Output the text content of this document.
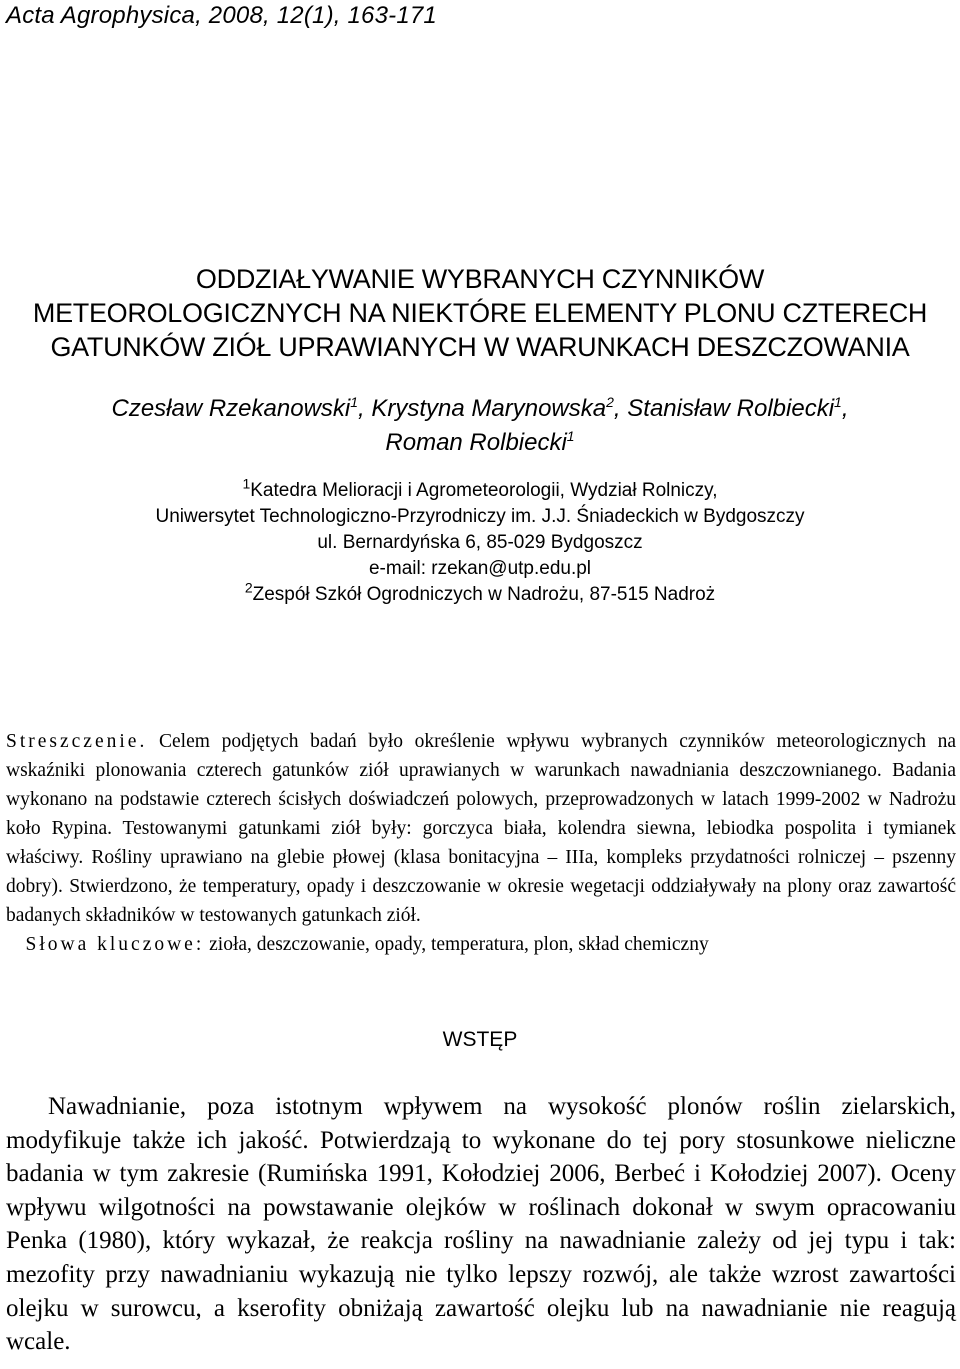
Acta Agrophysica, 2008, 12(1), 163-171
ODDZIAŁYWANIE WYBRANYCH CZYNNIKÓW
METEOROLOGICZNYCH NA NIEKTÓRE ELEMENTY PLONU CZTERECH
GATUNKÓW ZIÓŁ UPRAWIANYCH W WARUNKACH DESZCZOWANIA
Czesław Rzekanowski$^1$, Krystyna Marynowska$^2$, Stanisław Rolbiecki$^1$,
Roman Rolbiecki$^1$
$^1$Katedra Melioracji i Agrometeorologii, Wydział Rolniczy,
Uniwersytet Technologiczno-Przyrodniczy im. J.J. Śniadeckich w Bydgoszczy
ul. Bernardyńska 6, 85-029 Bydgoszcz
e-mail: rzekan@utp.edu.pl
$^2$Zespół Szkół Ogrodniczych w Nadrożu, 87-515 Nadroż

Streszczenie. Celem podjętych badań było określenie wpływu wybranych czynników meteorologicznych na wskaźniki plonowania czterech gatunków ziół uprawianych w warunkach nawadniania deszczownianego. Badania wykonano na podstawie czterech ścisłych doświadczeń polowych, przeprowadzonych w latach 1999-2002 w Nadrożu koło Rypina. Testowanymi gatunkami ziół były: gorczyca biała, kolendra siewna, lebiodka pospolita i tymianek właściwy. Rośliny uprawiano na glebie płowej (klasa bonitacyjna – IIIa, kompleks przydatności rolniczej – pszenny dobry). Stwierdzono, że temperatury, opady i deszczowanie w okresie wegetacji oddziaływały na plony oraz zawartość badanych składników w testowanych gatunkach ziół.

Słowa kluczowe: zioła, deszczowanie, opady, temperatura, plon, skład chemiczny

WSTĘP

Nawadnianie, poza istotnym wpływem na wysokość plonów roślin zielarskich, modyfikuje także ich jakość. Potwierdzają to wykonane do tej pory stosunkowe nieliczne badania w tym zakresie (Rumińska 1991, Kołodziej 2006, Berbeć i Kołodziej 2007). Oceny wpływu wilgotności na powstawanie olejków w roślinach dokonał w swym opracowaniu Penka (1980), który wykazał, że reakcja rośliny na nawadnianie zależy od jej typu i tak: mezofity przy nawadnianiu wykazują nie tylko lepszy rozwój, ale także wzrost zawartości olejku w surowcu, a kserofity obniżają zawartość olejku lub na nawadnianie nie reagują wcale.
